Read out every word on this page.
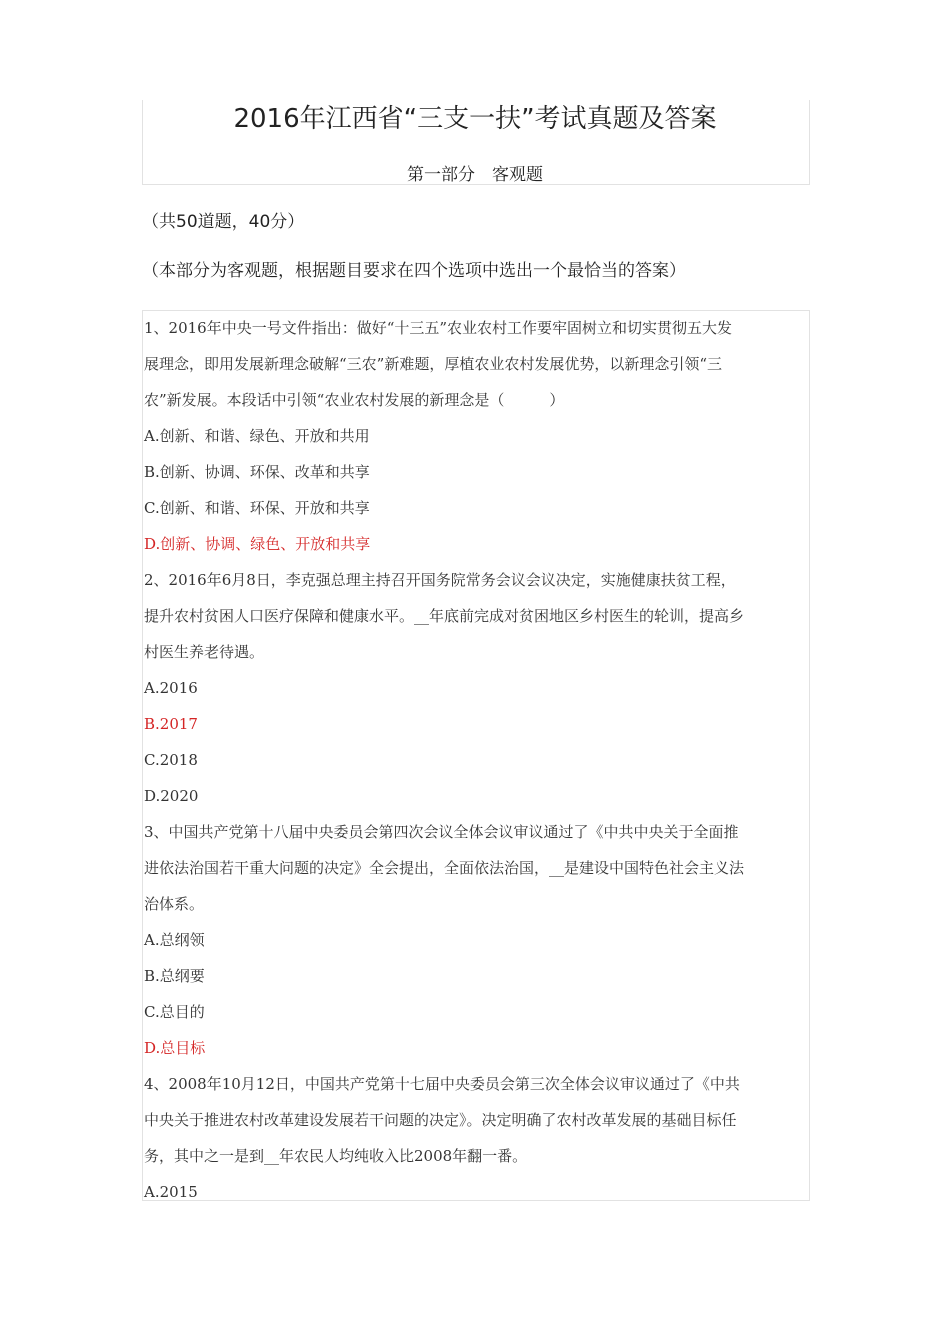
2016年江西省“三支一扶”考试真题及答案
第一部分　客观题
（共50道题，40分）
（本部分为客观题，根据题目要求在四个选项中选出一个最恰当的答案）
1、2016年中央一号文件指出：做好“十三五”农业农村工作要牢固树立和切实贯彻五大发
展理念，即用发展新理念破解“三农”新难题，厚植农业农村发展优势，以新理念引领“三
农”新发展。本段话中引领“农业农村发展的新理念是（　　　）
A.创新、和谐、绿色、开放和共用
B.创新、协调、环保、改革和共享
C.创新、和谐、环保、开放和共享
D.创新、协调、绿色、开放和共享
2、2016年6月8日，李克强总理主持召开国务院常务会议会议决定，实施健康扶贫工程，
提升农村贫困人口医疗保障和健康水平。__年底前完成对贫困地区乡村医生的轮训，提高乡
村医生养老待遇。
A.2016
B.2017
C.2018
D.2020
3、中国共产党第十八届中央委员会第四次会议全体会议审议通过了《中共中央关于全面推
进依法治国若干重大问题的决定》全会提出，全面依法治国，__是建设中国特色社会主义法
治体系。
A.总纲领
B.总纲要
C.总目的
D.总目标
4、2008年10月12日，中国共产党第十七届中央委员会第三次全体会议审议通过了《中共
中央关于推进农村改革建设发展若干问题的决定》。决定明确了农村改革发展的基础目标任
务，其中之一是到__年农民人均纯收入比2008年翻一番。
A.2015
